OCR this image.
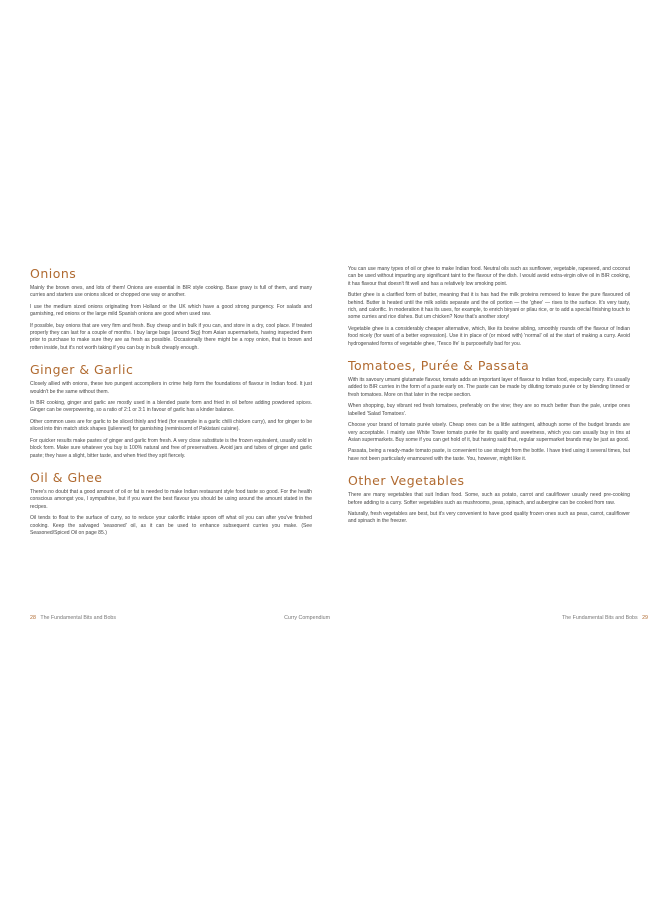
Onions

Mainly the brown ones, and lots of them! Onions are essential in BIR style cooking. Base gravy is full of them, and many curries and starters use onions sliced or chopped one way or another.

I use the medium sized onions originating from Holland or the UK which have a good strong pungency. For salads and garnishing, red onions or the large mild Spanish onions are good when used raw.

If possible, buy onions that are very firm and fresh. Buy cheap and in bulk if you can, and store in a dry, cool place. If treated properly they can last for a couple of months. I buy large bags (around 5kg) from Asian supermarkets, having inspected them prior to purchase to make sure they are as fresh as possible. Occasionally there might be a ropy onion, that is brown and rotten inside, but it's not worth taking if you can buy in bulk cheaply enough.

Ginger & Garlic

Closely allied with onions, these two pungent accompliers in crime help form the foundations of flavour in Indian food. It just wouldn't be the same without them.

In BIR cooking, ginger and garlic are mostly used in a blended paste form and fried in oil before adding powdered spices. Ginger can be overpowering, so a ratio of 2:1 or 3:1 in favour of garlic has a kinder balance.

Other common uses are for garlic to be sliced thinly and fried (for example in a garlic chilli chicken curry), and for ginger to be sliced into thin match stick shapes (julienned) for garnishing (reminiscent of Pakistani cuisine).

For quicker results make pastes of ginger and garlic from fresh. A very close substitute is the frozen equivalent, usually sold in block form. Make sure whatever you buy is 100% natural and free of preservatives. Avoid jars and tubes of ginger and garlic paste; they have a slight, bitter taste, and when fried they spit fiercely.

Oil & Ghee

There's no doubt that a good amount of oil or fat is needed to make Indian restaurant style food taste so good. For the health conscious amongst you, I sympathise, but if you want the best flavour you should be using around the amount stated in the recipes.

Oil tends to float to the surface of curry, so to reduce your calorific intake spoon off what oil you can after you've finished cooking. Keep the salvaged 'seasoned' oil, as it can be used to enhance subsequent curries you make. (See Seasoned/Spiced Oil on page 85.)

28 The Fundamental Bits and Bobs	Curry Compendium

You can use many types of oil or ghee to make Indian food. Neutral oils such as sunflower, vegetable, rapeseed, and coconut can be used without imparting any significant taint to the flavour of the dish. I would avoid extra-virgin olive oil in BIR cooking, it has flavour that doesn't fit well and has a relatively low smoking point.

Butter ghee is a clarified form of butter, meaning that it is has had the milk proteins removed to leave the pure flavoured oil behind. Butter is heated until the milk solids separate and the oil portion — the 'ghee' — rises to the surface. It's very tasty, rich, and calorific. In moderation it has its uses, for example, to enrich biryani or pilau rice, or to add a special finishing touch to some curries and rice dishes. But um chicken? Now that's another story!

Vegetable ghee is a considerably cheaper alternative, which, like its bovine sibling, smoothly rounds off the flavour of Indian food nicely (for want of a better expression). Use it in place of (or mixed with) 'normal' oil at the start of making a curry. Avoid hydrogenated forms of vegetable ghee, 'Tesco Ife' is purposefully bad for you.

Tomatoes, Purée & Passata

With its savoury umami glutamate flavour, tomato adds an important layer of flavour to Indian food, especially curry. It's usually added to BIR curries in the form of a paste early on. The paste can be made by diluting tomato purée or by blending tinned or fresh tomatoes. More on that later in the recipe section.

When shopping, buy vibrant red fresh tomatoes, preferably on the vine; they are so much better than the pale, unripe ones labelled 'Salad Tomatoes'.

Choose your brand of tomato purée wisely. Cheap ones can be a little astringent, although some of the budget brands are very acceptable. I mainly use White Tower tomato purée for its quality and sweetness, which you can usually buy in tins at Asian supermarkets. Buy some if you can get hold of it, but having said that, regular supermarket brands may be just as good.

Passata, being a ready-made tomato paste, is convenient to use straight from the bottle. I have tried using it several times, but have not been particularly enamoured with the taste. You, however, might like it.

Other Vegetables

There are many vegetables that suit Indian food. Some, such as potato, carrot and cauliflower usually need pre-cooking before adding to a curry. Softer vegetables such as mushrooms, peas, spinach, and aubergine can be cooked from raw.

Naturally, fresh vegetables are best, but it's very convenient to have good quality frozen ones such as peas, carrot, cauliflower and spinach in the freezer.

The Fundamental Bits and Bobs 29
